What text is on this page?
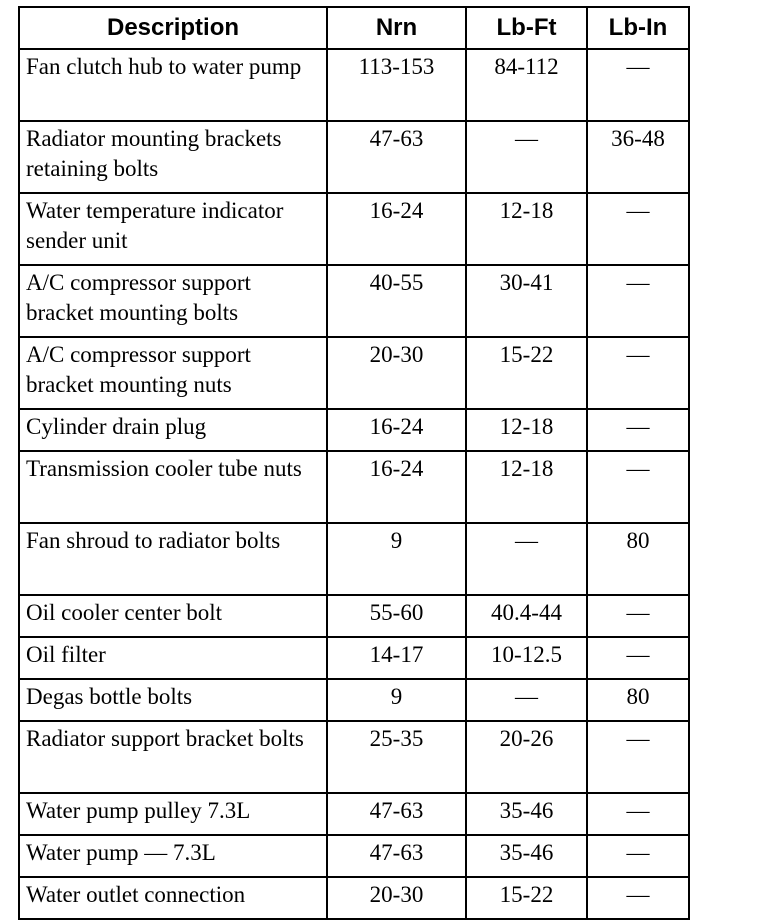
Description	Nrn	Lb-Ft	Lb-In
Fan clutch hub to water pump	113-153	84-112	—
Radiator mounting brackets retaining bolts	47-63	—	36-48
Water temperature indicator sender unit	16-24	12-18	—
A/C compressor support bracket mounting bolts	40-55	30-41	—
A/C compressor support bracket mounting nuts	20-30	15-22	—
Cylinder drain plug	16-24	12-18	—
Transmission cooler tube nuts	16-24	12-18	—
Fan shroud to radiator bolts	9	—	80
Oil cooler center bolt	55-60	40.4-44	—
Oil filter	14-17	10-12.5	—
Degas bottle bolts	9	—	80
Radiator support bracket bolts	25-35	20-26	—
Water pump pulley 7.3L	47-63	35-46	—
Water pump — 7.3L	47-63	35-46	—
Water outlet connection	20-30	15-22	—
